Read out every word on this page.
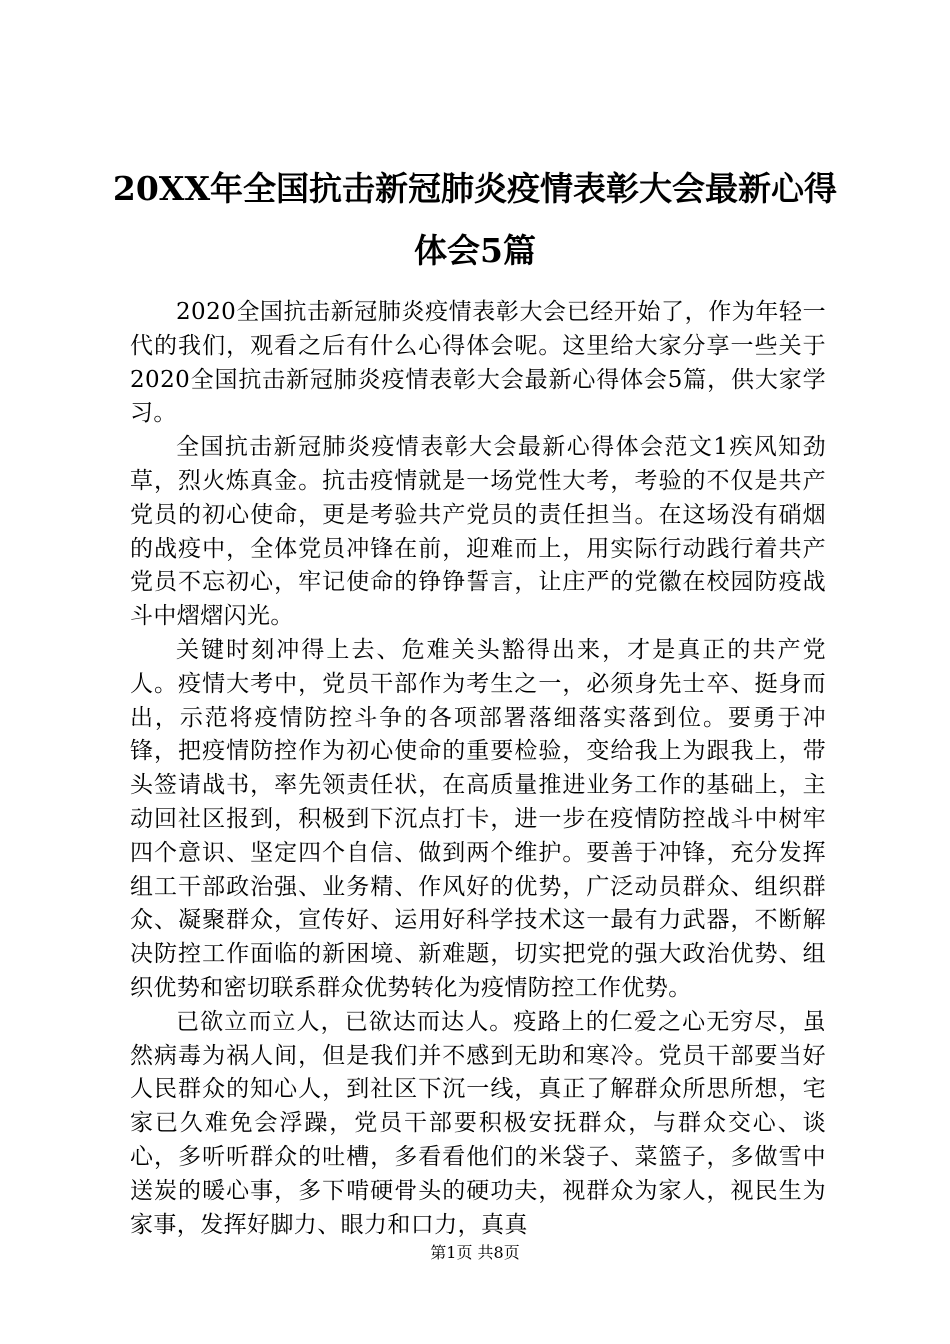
20XX年全国抗击新冠肺炎疫情表彰大会最新心得体会5篇

2020全国抗击新冠肺炎疫情表彰大会已经开始了，作为年轻一代的我们，观看之后有什么心得体会呢。这里给大家分享一些关于2020全国抗击新冠肺炎疫情表彰大会最新心得体会5篇，供大家学习。

全国抗击新冠肺炎疫情表彰大会最新心得体会范文1疾风知劲草，烈火炼真金。抗击疫情就是一场党性大考，考验的不仅是共产党员的初心使命，更是考验共产党员的责任担当。在这场没有硝烟的战疫中，全体党员冲锋在前，迎难而上，用实际行动践行着共产党员不忘初心，牢记使命的铮铮誓言，让庄严的党徽在校园防疫战斗中熠熠闪光。

关键时刻冲得上去、危难关头豁得出来，才是真正的共产党人。疫情大考中，党员干部作为考生之一，必须身先士卒、挺身而出，示范将疫情防控斗争的各项部署落细落实落到位。要勇于冲锋，把疫情防控作为初心使命的重要检验，变给我上为跟我上，带头签请战书，率先领责任状，在高质量推进业务工作的基础上，主动回社区报到，积极到下沉点打卡，进一步在疫情防控战斗中树牢四个意识、坚定四个自信、做到两个维护。要善于冲锋，充分发挥组工干部政治强、业务精、作风好的优势，广泛动员群众、组织群众、凝聚群众，宣传好、运用好科学技术这一最有力武器，不断解决防控工作面临的新困境、新难题，切实把党的强大政治优势、组织优势和密切联系群众优势转化为疫情防控工作优势。

已欲立而立人，已欲达而达人。疫路上的仁爱之心无穷尽，虽然病毒为祸人间，但是我们并不感到无助和寒冷。党员干部要当好人民群众的知心人，到社区下沉一线，真正了解群众所思所想，宅家已久难免会浮躁，党员干部要积极安抚群众，与群众交心、谈心，多听听群众的吐槽，多看看他们的米袋子、菜篮子，多做雪中送炭的暖心事，多下啃硬骨头的硬功夫，视群众为家人，视民生为家事，发挥好脚力、眼力和口力，真真

第1页 共8页
